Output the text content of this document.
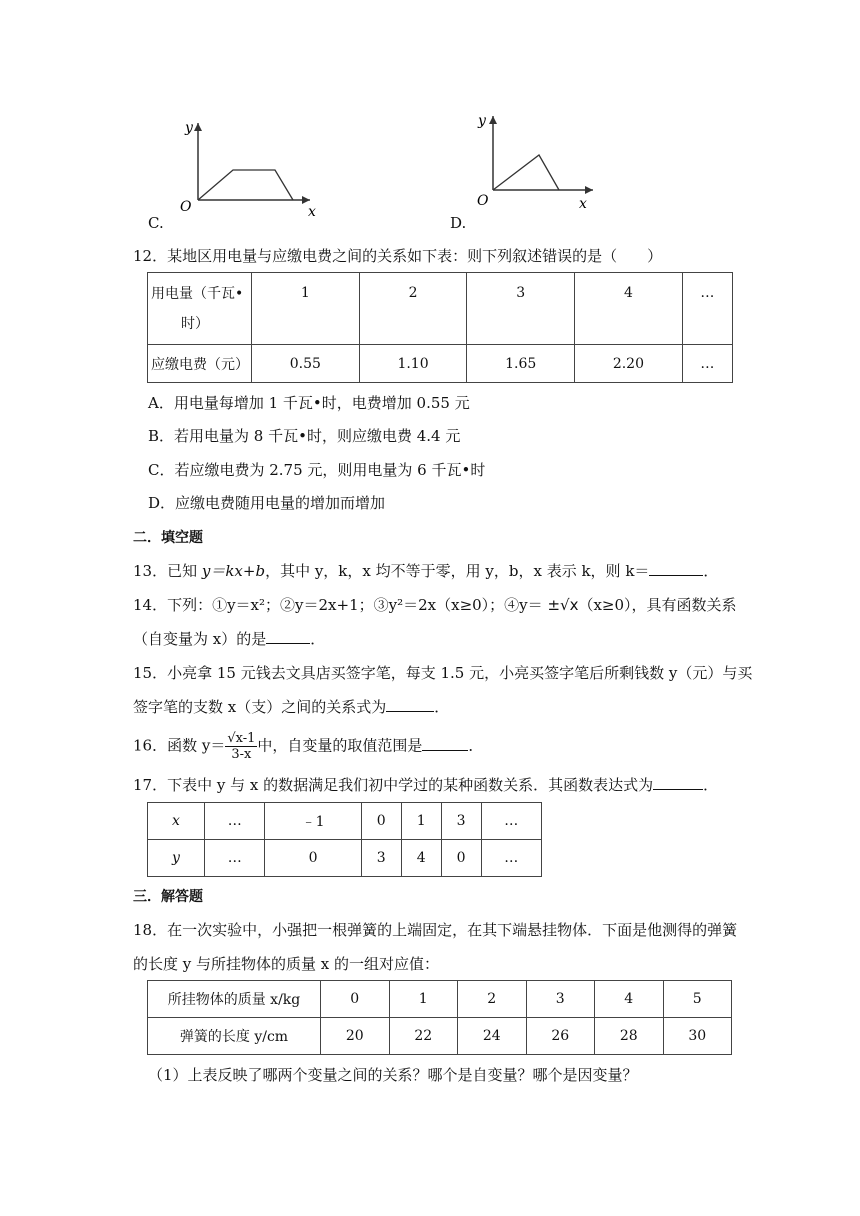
y
x
O
C.
y
x
O
D.
12．某地区用电量与应缴电费之间的关系如下表：则下列叙述错误的是（　　）
用电量（千瓦•
时）	1	2	3	4	…
应缴电费（元）	0.55	1.10	1.65	2.20	…
A．用电量每增加 1 千瓦•时，电费增加 0.55 元
B．若用电量为 8 千瓦•时，则应缴电费 4.4 元
C．若应缴电费为 2.75 元，则用电量为 6 千瓦•时
D．应缴电费随用电量的增加而增加
二．填空题
13．已知 y＝kx+b，其中 y，k，x 均不等于零，用 y，b，x 表示 k，则 k＝	．
14．下列：①y＝x²；②y＝2x+1；③y²＝2x（x≥0）；④y＝ ±√x（x≥0），具有函数关系
（自变量为 x）的是	．
15．小亮拿 15 元钱去文具店买签字笔，每支 1.5 元，小亮买签字笔后所剩钱数 y（元）与买
签字笔的支数 x（支）之间的关系式为	．
16．函数 $y= \frac{√x-1}{3-x}$ 中，自变量的取值范围是	．
17．下表中 y 与 x 的数据满足我们初中学过的某种函数关系．其函数表达式为	．
x	…	﹣1	0	1	3	…
y	…	0	3	4	0	…
三．解答题
18．在一次实验中，小强把一根弹簧的上端固定，在其下端悬挂物体．下面是他测得的弹簧
的长度 y 与所挂物体的质量 x 的一组对应值：
所挂物体的质量 x/kg	0	1	2	3	4	5
弹簧的长度 y/cm	20	22	24	26	28	30
（1）上表反映了哪两个变量之间的关系？哪个是自变量？哪个是因变量？
